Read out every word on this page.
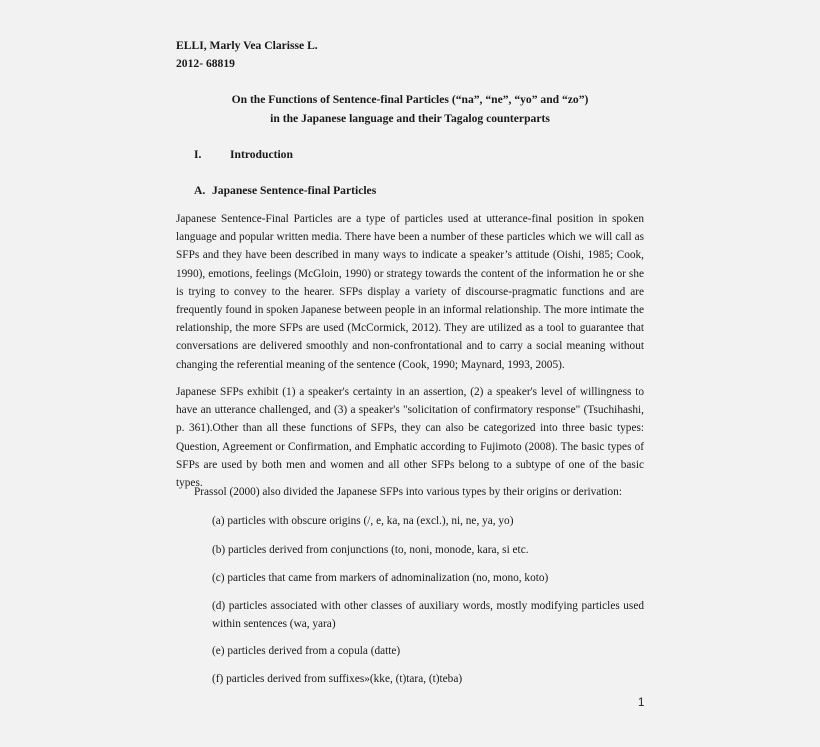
ELLI, Marly Vea Clarisse L.
2012- 68819
On the Functions of Sentence-final Particles (“na”, “ne”, “yo” and “zo”)
in the Japanese language and their Tagalog counterparts
I. Introduction
A. Japanese Sentence-final Particles
Japanese Sentence-Final Particles are a type of particles used at utterance-final position in spoken language and popular written media. There have been a number of these particles which we will call as SFPs and they have been described in many ways to indicate a speaker’s attitude (Oishi, 1985; Cook, 1990), emotions, feelings (McGloin, 1990) or strategy towards the content of the information he or she is trying to convey to the hearer. SFPs display a variety of discourse-pragmatic functions and are frequently found in spoken Japanese between people in an informal relationship. The more intimate the relationship, the more SFPs are used (McCormick, 2012). They are utilized as a tool to guarantee that conversations are delivered smoothly and non-confrontational and to carry a social meaning without changing the referential meaning of the sentence (Cook, 1990; Maynard, 1993, 2005).
Japanese SFPs exhibit (1) a speaker's certainty in an assertion, (2) a speaker's level of willingness to have an utterance challenged, and (3) a speaker's "solicitation of confirmatory response" (Tsuchihashi, p. 361).Other than all these functions of SFPs, they can also be categorized into three basic types: Question, Agreement or Confirmation, and Emphatic according to Fujimoto (2008). The basic types of SFPs are used by both men and women and all other SFPs belong to a subtype of one of the basic types.
Prassol (2000) also divided the Japanese SFPs into various types by their origins or derivation:
(a) particles with obscure origins (/, e, ka, na (excl.), ni, ne, ya, yo)
(b) particles derived from conjunctions (to, noni, monode, kara, si etc.
(c) particles that came from markers of adnominalization (no, mono, koto)
(d) particles associated with other classes of auxiliary words, mostly modifying particles used within sentences (wa, yara)
(e) particles derived from a copula (datte)
(f) particles derived from suffixes»(kke, (t)tara, (t)teba)
1
